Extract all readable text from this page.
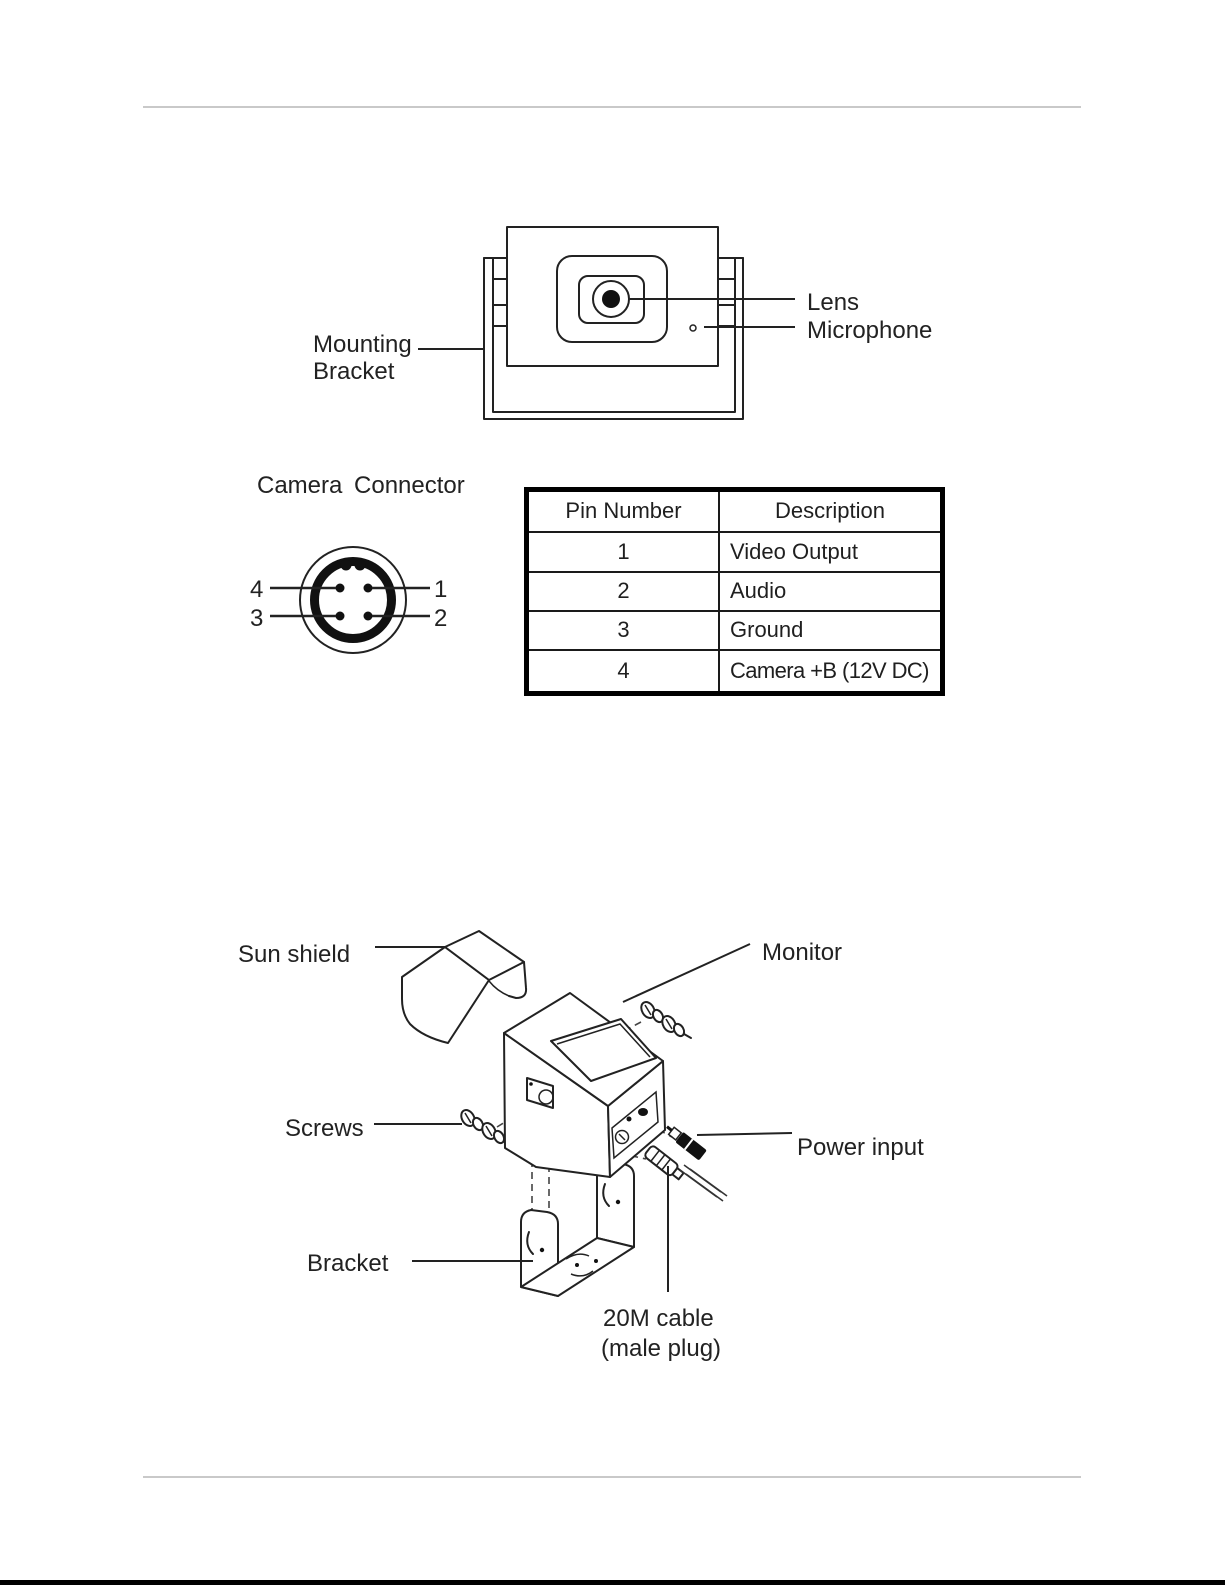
Lens
Microphone
Mounting
Bracket
Camera Connector
4
3
1
2
Pin Number	Description
1	Video Output
2	Audio
3	Ground
4	Camera +B (12V DC)
Sun shield	Monitor
Screws
Power input
Bracket
20M cable
(male plug)
